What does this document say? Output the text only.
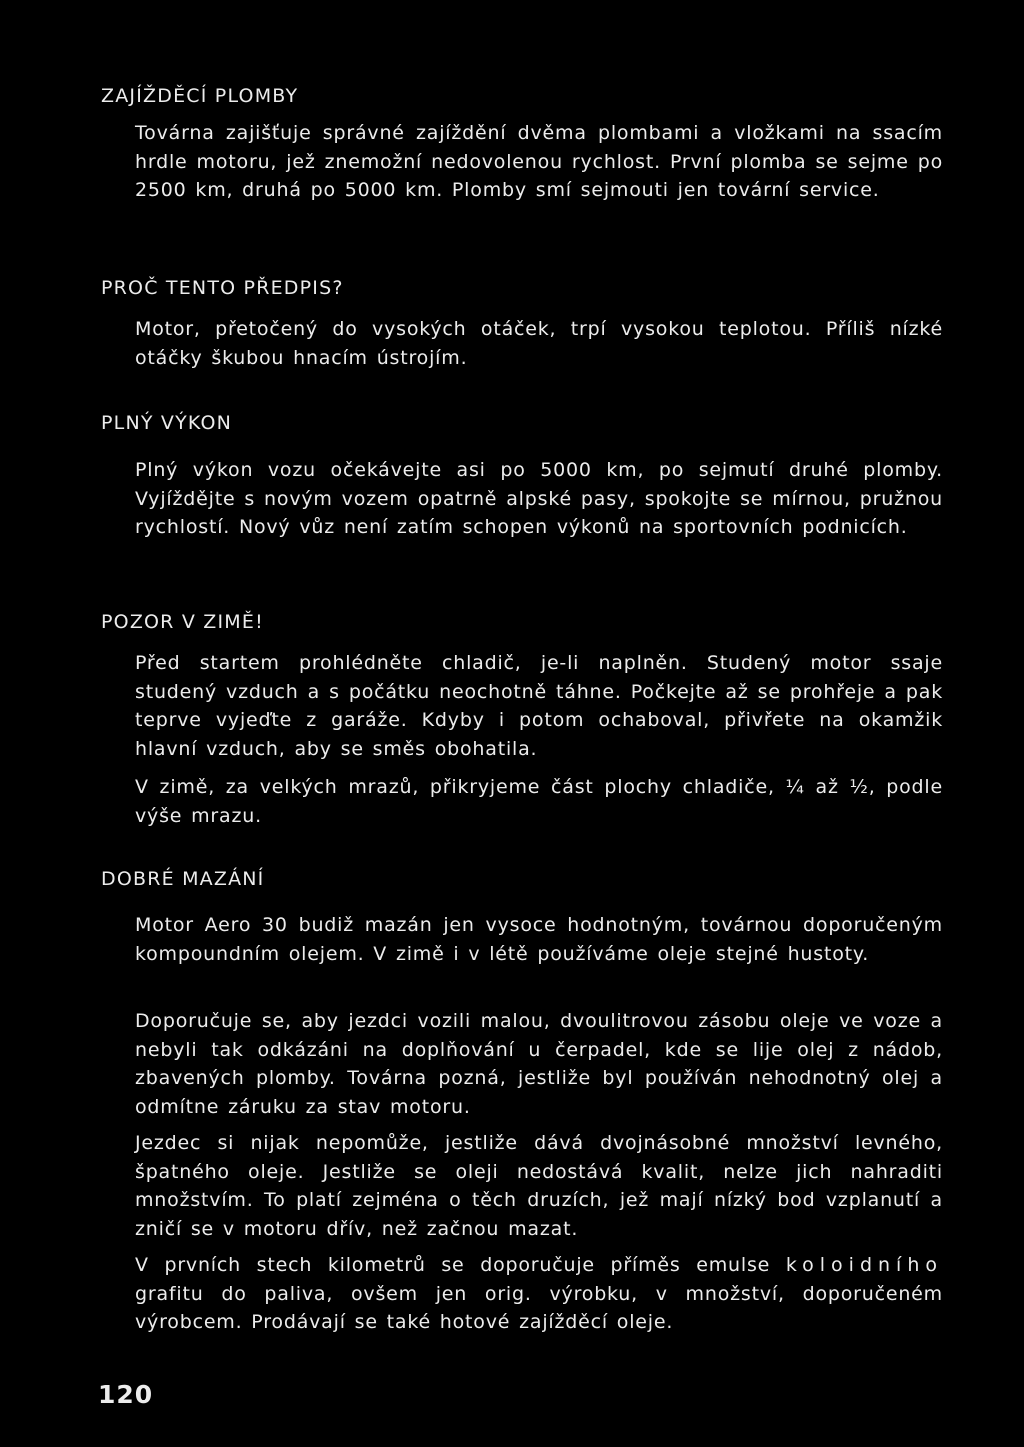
ZAJÍŽDĚCÍ PLOMBY

Továrna zajišťuje správné zajíždění dvěma plombami a vložkami na ssacím hrdle motoru, jež znemožní nedovolenou rychlost. První plomba se sejme po 2500 km, druhá po 5000 km. Plomby smí sejmouti jen tovární service.

PROČ TENTO PŘEDPIS?

Motor, přetočený do vysokých otáček, trpí vysokou teplotou. Příliš nízké otáčky škubou hnacím ústrojím.

PLNÝ VÝKON

Plný výkon vozu očekávejte asi po 5000 km, po sejmutí druhé plomby. Vyjíždějte s novým vozem opatrně alpské pasy, spokojte se mírnou, pružnou rychlostí. Nový vůz není zatím schopen výkonů na sportovních podnicích.

POZOR V ZIMĚ!

Před startem prohlédněte chladič, je-li naplněn. Studený motor ssaje studený vzduch a s počátku neochotně táhne. Počkejte až se prohřeje a pak teprve vyjeďte z garáže. Kdyby i potom ochaboval, přivřete na okamžik hlavní vzduch, aby se směs obohatila.

V zimě, za velkých mrazů, přikryjeme část plochy chladiče, ¼ až ½, podle výše mrazu.

DOBRÉ MAZÁNÍ

Motor Aero 30 budiž mazán jen vysoce hodnotným, továrnou doporučeným kompoundním olejem. V zimě i v létě používáme oleje stejné hustoty.

Doporučuje se, aby jezdci vozili malou, dvoulitrovou zásobu oleje ve voze a nebyli tak odkázáni na doplňování u čerpadel, kde se lije olej z nádob, zbavených plomby. Továrna pozná, jestliže byl používán nehodnotný olej a odmítne záruku za stav motoru.

Jezdec si nijak nepomůže, jestliže dává dvojnásobné množství levného, špatného oleje. Jestliže se oleji nedostává kvalit, nelze jich nahraditi množstvím. To platí zejména o těch druzích, jež mají nízký bod vzplanutí a zničí se v motoru dřív, než začnou mazat.

V prvních stech kilometrů se doporučuje příměs emulse koloidního grafitu do paliva, ovšem jen orig. výrobku, v množství, doporučeném výrobcem. Prodávají se také hotové zajížděcí oleje.

120
